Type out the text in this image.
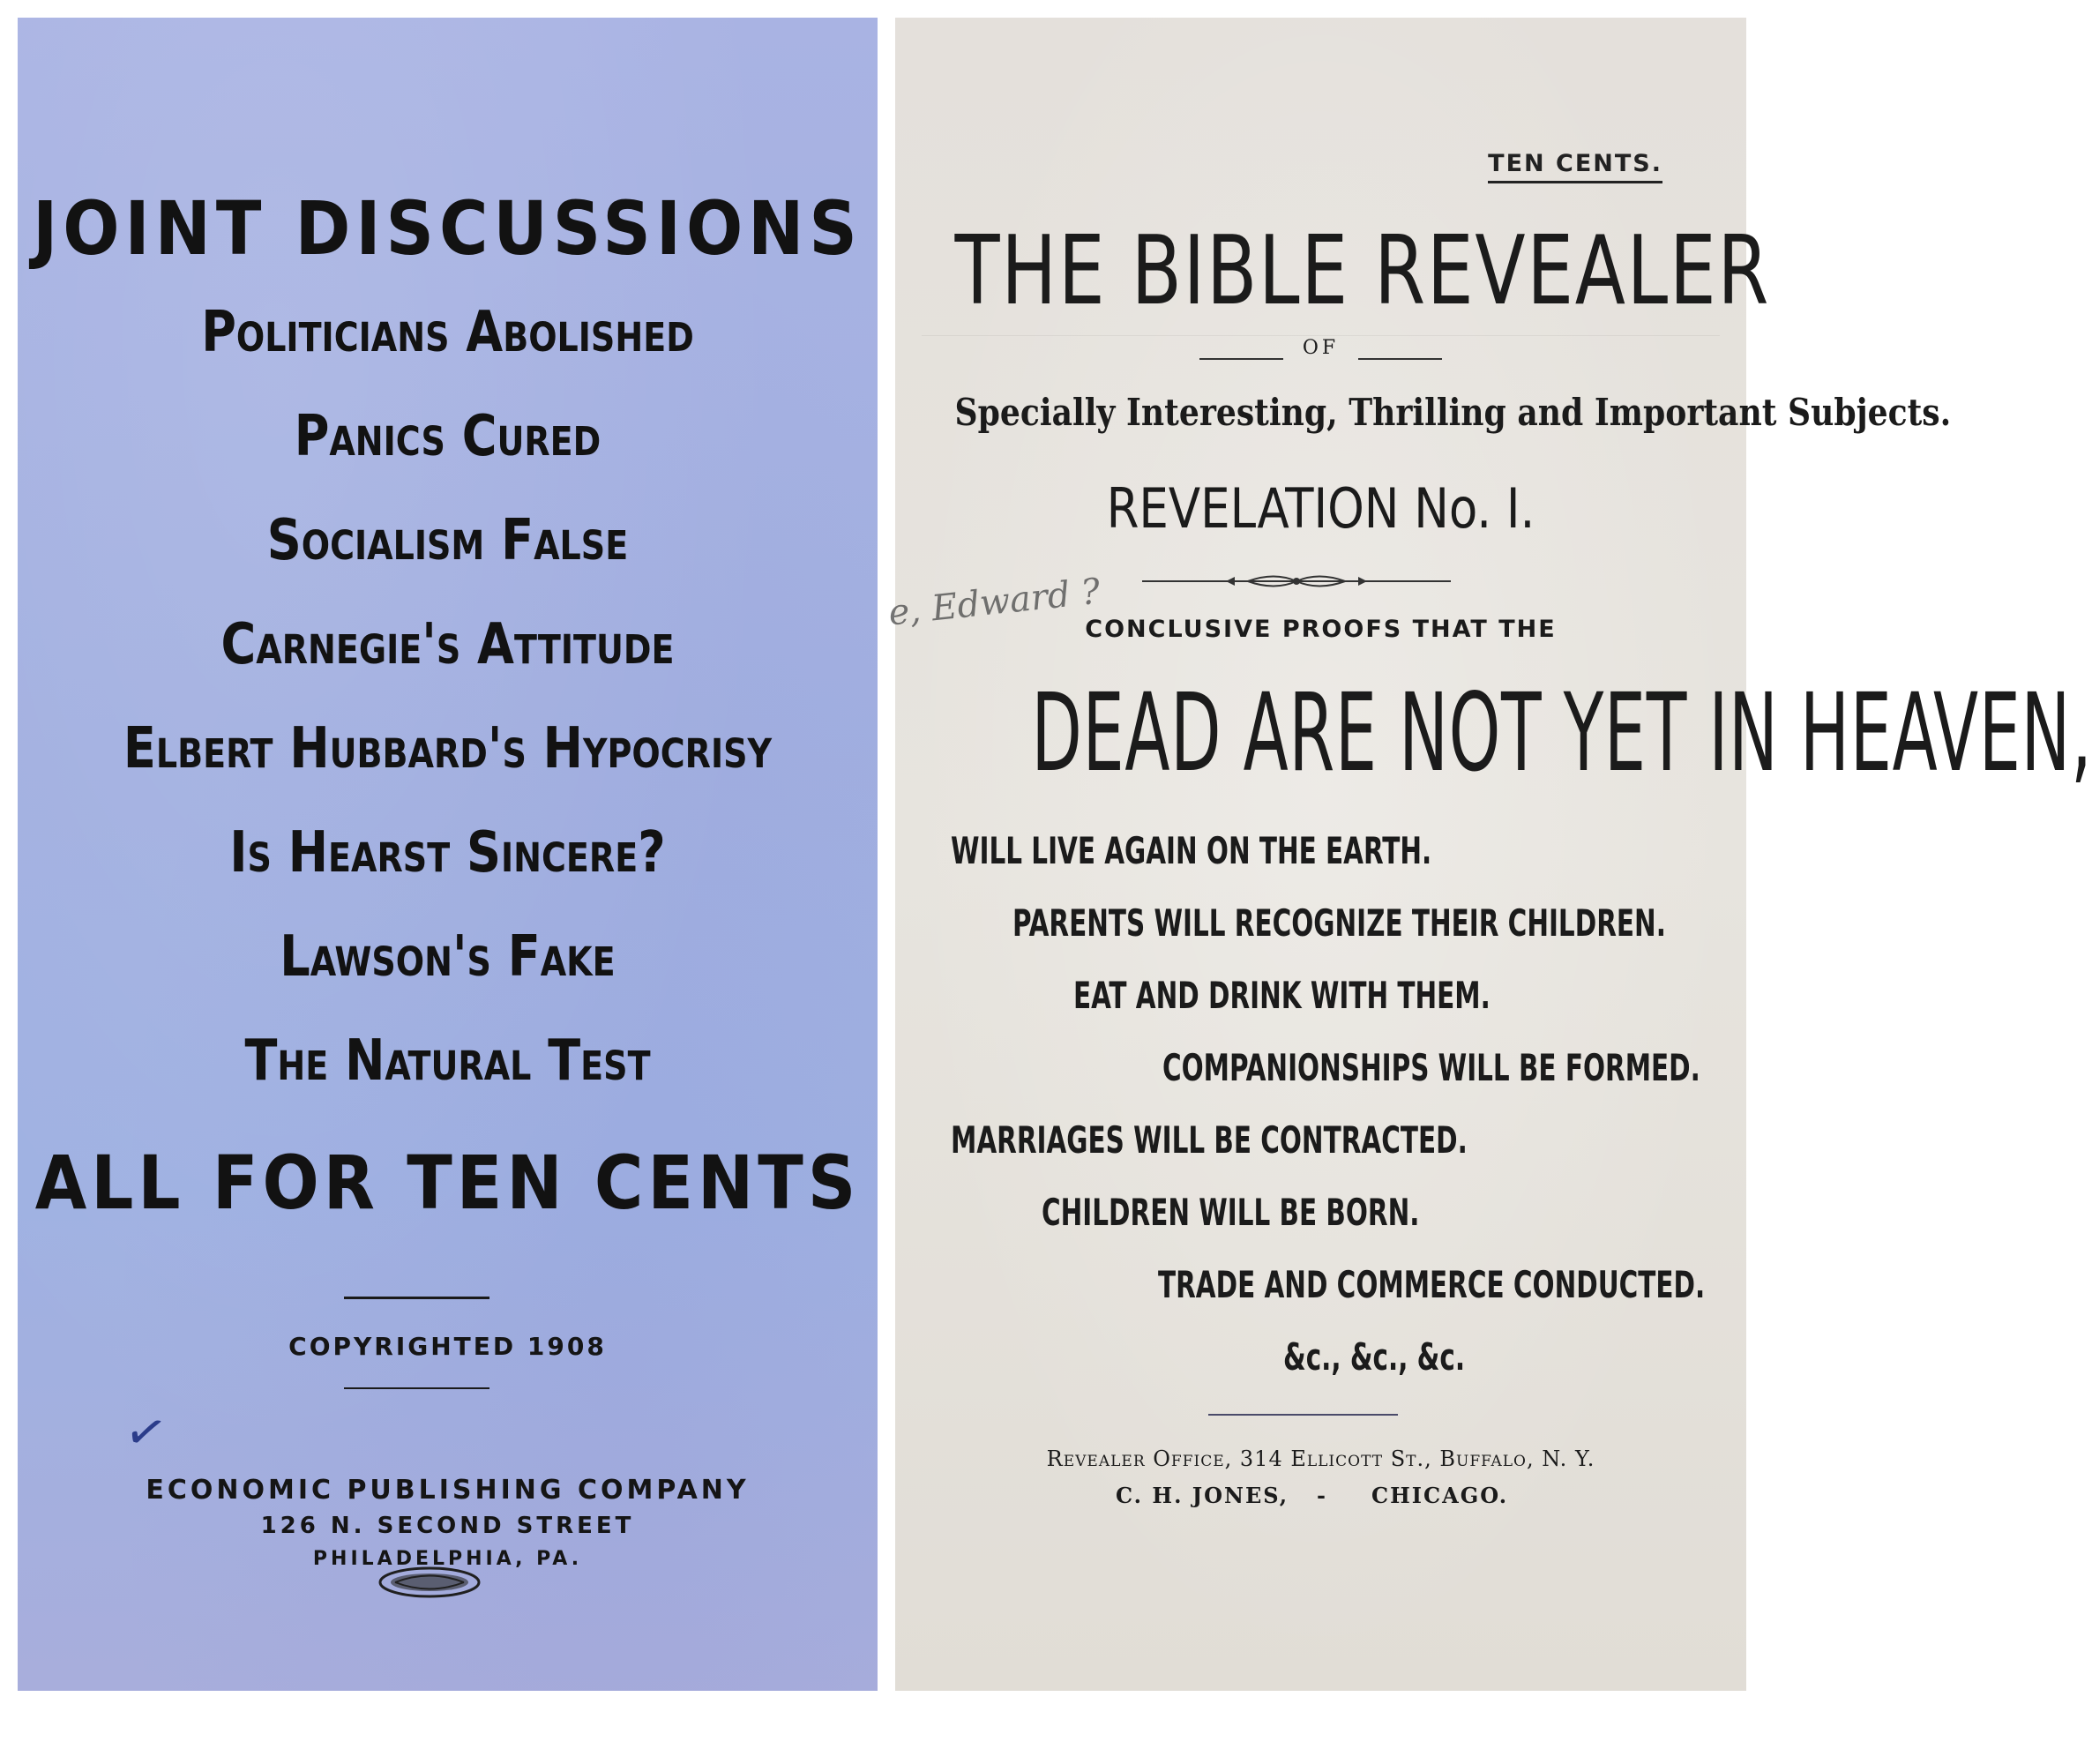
JOINT DISCUSSIONS
Politicians Abolished
Panics Cured
Socialism False
Carnegie's Attitude
Elbert Hubbard's Hypocrisy
Is Hearst Sincere?
Lawson's Fake
The Natural Test
ALL FOR TEN CENTS
COPYRIGHTED 1908
✓
ECONOMIC PUBLISHING COMPANY
126 N. SECOND STREET
PHILADELPHIA, PA.
TEN CENTS.
THE BIBLE REVEALER
OF
Specially Interesting, Thrilling and Important Subjects.
REVELATION No. I.
e, Edward ?
CONCLUSIVE PROOFS THAT THE
DEAD ARE NOT YET IN HEAVEN,
WILL LIVE AGAIN ON THE EARTH.
PARENTS WILL RECOGNIZE THEIR CHILDREN.
EAT AND DRINK WITH THEM.
COMPANIONSHIPS WILL BE FORMED.
MARRIAGES WILL BE CONTRACTED.
CHILDREN WILL BE BORN.
TRADE AND COMMERCE CONDUCTED.
&c., &c., &c.
Revealer Office, 314 Ellicott St., Buffalo, N. Y.
C. H. JONES, - CHICAGO.
